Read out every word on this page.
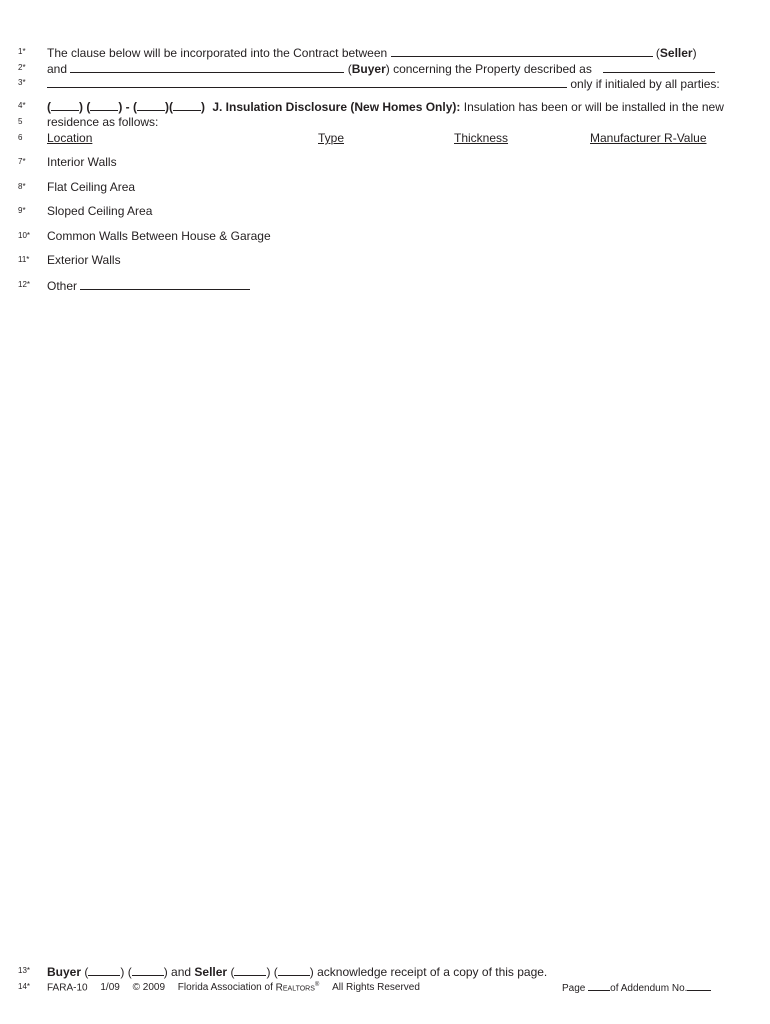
1*
2*
3*
4*
5
6
7*
8*
9*
10*
11*
12*
13*
14*
The clause below will be incorporated into the Contract between	(Seller)
and	(Buyer) concerning the Property described as
only if initialed by all parties:
( ) ( ) - ( )( ) J. Insulation Disclosure (New Homes Only): Insulation has been or will be installed in the new
residence as follows:
Location	Type	Thickness	Manufacturer R-Value
Interior Walls
Flat Ceiling Area
Sloped Ceiling Area
Common Walls Between House & Garage
Exterior Walls
Other
Buyer (	) (	) and Seller (	) (	) acknowledge receipt of a copy of this page.
FARA-10 1/09 © 2009 Florida Association of Realtors® All Rights Reserved	Page of Addendum No.
